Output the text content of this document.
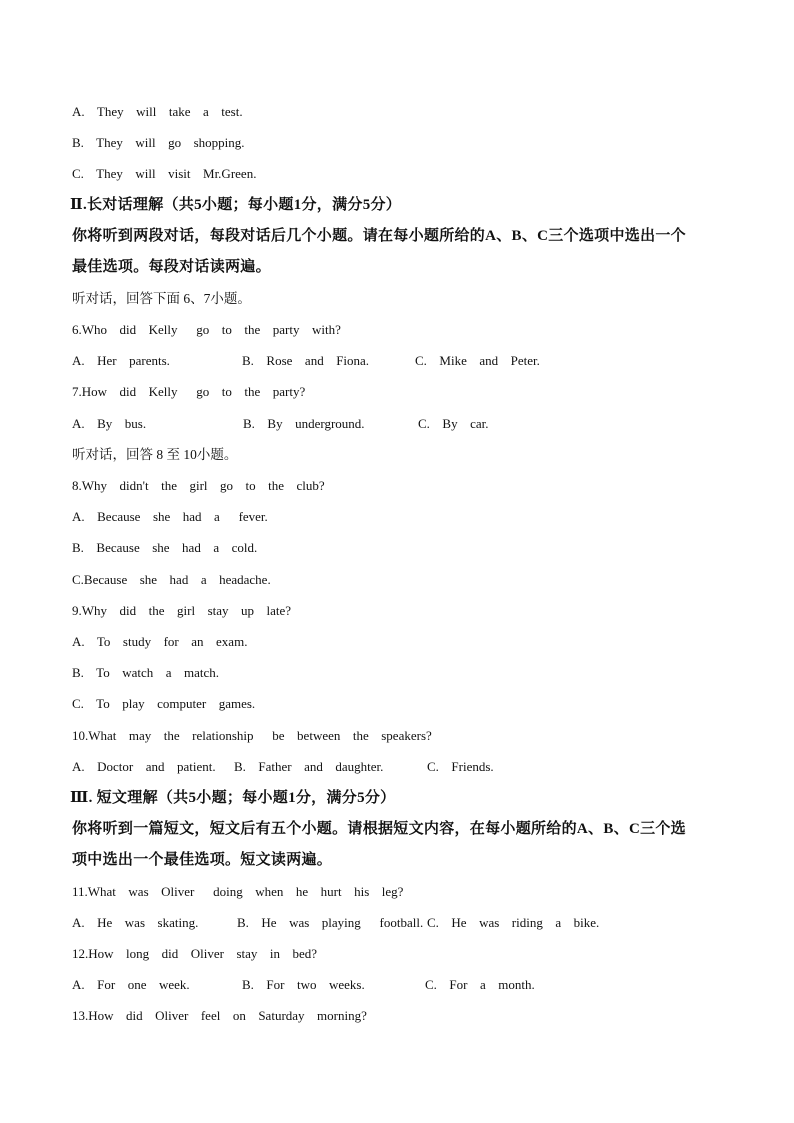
A.  They  will  take  a  test.
B.  They  will  go  shopping.
C.  They  will  visit  Mr.Green.
Ⅱ.长对话理解（共5小题；每小题1分，满分5分）
你将听到两段对话，每段对话后几个小题。请在每小题所给的A、B、C三个选项中选出一个
最佳选项。每段对话读两遍。
听对话，回答下面 6、7小题。
6.Who  did  Kelly   go  to  the  party  with?
A.  Her  parents.	B.  Rose  and  Fiona.	C.  Mike  and  Peter.
7.How  did  Kelly   go  to  the  party?
A.  By  bus.	B.  By  underground.	C.  By  car.
听对话，回答 8 至 10小题。
8.Why  didn't  the  girl  go  to  the  club?
A.  Because  she  had  a   fever.
B.  Because  she  had  a  cold.
C.Because  she  had  a  headache.
9.Why  did  the  girl  stay  up  late?
A.  To  study  for  an  exam.
B.  To  watch  a  match.
C.  To  play  computer  games.
10.What  may  the  relationship   be  between  the  speakers?
A.  Doctor  and  patient. B.  Father  and  daughter.	C.  Friends.
Ⅲ. 短文理解（共5小题；每小题1分，满分5分）
你将听到一篇短文，短文后有五个小题。请根据短文内容，在每小题所给的A、B、C三个选
项中选出一个最佳选项。短文读两遍。
11.What  was  Oliver   doing  when  he  hurt  his  leg?
A.  He  was  skating.	B.  He  was  playing   football. C.  He  was  riding  a  bike.
12.How  long  did  Oliver  stay  in  bed?
A.  For  one  week.	B.  For  two  weeks.	C.  For  a  month.
13.How  did  Oliver  feel  on  Saturday  morning?
